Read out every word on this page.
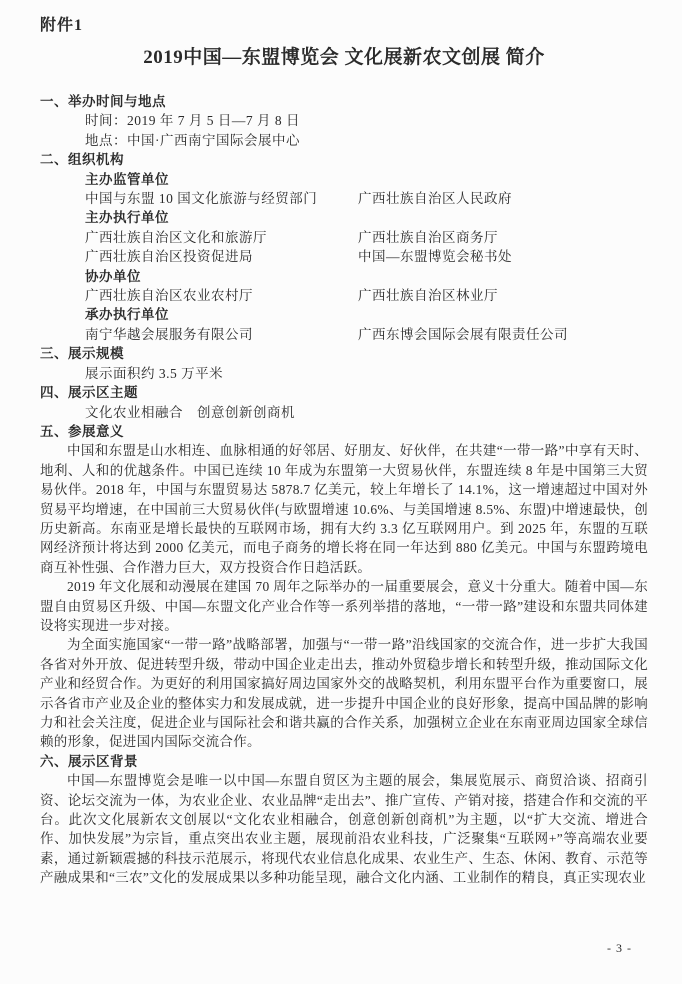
附件1
2019中国—东盟博览会 文化展新农文创展 简介
一、举办时间与地点
时间：2019 年 7 月 5 日—7 月 8 日
地点：中国·广西南宁国际会展中心
二、组织机构
主办监管单位
中国与东盟 10 国文化旅游与经贸部门	广西壮族自治区人民政府
主办执行单位
广西壮族自治区文化和旅游厅	广西壮族自治区商务厅
广西壮族自治区投资促进局	中国—东盟博览会秘书处
协办单位
广西壮族自治区农业农村厅	广西壮族自治区林业厅
承办执行单位
南宁华越会展服务有限公司	广西东博会国际会展有限责任公司
三、展示规模
展示面积约 3.5 万平米
四、展示区主题
文化农业相融合　创意创新创商机
五、参展意义

中国和东盟是山水相连、血脉相通的好邻居、好朋友、好伙伴，在共建“一带一路”中享有天时、地利、人和的优越条件。中国已连续 10 年成为东盟第一大贸易伙伴，东盟连续 8 年是中国第三大贸易伙伴。2018 年，中国与东盟贸易达 5878.7 亿美元，较上年增长了 14.1%，这一增速超过中国对外贸易平均增速，在中国前三大贸易伙伴(与欧盟增速 10.6%、与美国增速 8.5%、东盟)中增速最快，创历史新高。东南亚是增长最快的互联网市场，拥有大约 3.3 亿互联网用户。到 2025 年，东盟的互联网经济预计将达到 2000 亿美元，而电子商务的增长将在同一年达到 880 亿美元。中国与东盟跨境电商互补性强、合作潜力巨大，双方投资合作日趋活跃。

2019 年文化展和动漫展在建国 70 周年之际举办的一届重要展会，意义十分重大。随着中国—东盟自由贸易区升级、中国—东盟文化产业合作等一系列举措的落地，“一带一路”建设和东盟共同体建设将实现进一步对接。

为全面实施国家“一带一路”战略部署，加强与“一带一路”沿线国家的交流合作，进一步扩大我国各省对外开放、促进转型升级，带动中国企业走出去，推动外贸稳步增长和转型升级，推动国际文化产业和经贸合作。为更好的利用国家搞好周边国家外交的战略契机，利用东盟平台作为重要窗口，展示各省市产业及企业的整体实力和发展成就，进一步提升中国企业的良好形象，提高中国品牌的影响力和社会关注度，促进企业与国际社会和谐共赢的合作关系，加强树立企业在东南亚周边国家全球信赖的形象，促进国内国际交流合作。

六、展示区背景

中国—东盟博览会是唯一以中国—东盟自贸区为主题的展会，集展览展示、商贸洽谈、招商引资、论坛交流为一体，为农业企业、农业品牌“走出去”、推广宣传、产销对接，搭建合作和交流的平台。此次文化展新农文创展以“文化农业相融合，创意创新创商机”为主题，以“扩大交流、增进合作、加快发展”为宗旨，重点突出农业主题，展现前沿农业科技，广泛聚集“互联网+”等高端农业要素，通过新颖震撼的科技示范展示，将现代农业信息化成果、农业生产、生态、休闲、教育、示范等产融成果和“三农”文化的发展成果以多种功能呈现，融合文化内涵、工业制作的精良，真正实现农业

- 3 -
